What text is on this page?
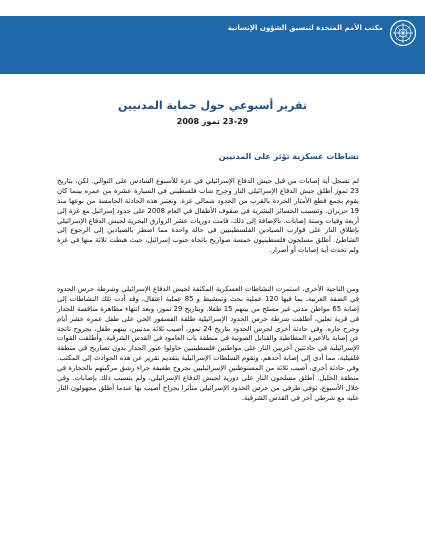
مكتب الأمم المتحدة لتنسيق الشؤون الإنسانية
تقرير أسبوعي حول حماية المدنيين
23-29 تموز 2008
نشاطات عسكرية تؤثر على المدنيين

لم تسجل أية إصابات من قبل جيش الدفاع الإسرائيلي في غزة للأسبوع السادس على التوالي. لكن، بتاريخ 23 تموز أطلق جيش الدفاع الإسرائيلي النار وجرح شاب فلسطيني في السيارة عشرة من عمره يينما كان يقوم بجمع قطع الأمتار الخردة بالقرب من الحدود شمالي غزة. وتعتبر هذه الحادثة الخامسة من نوعها منذ 19 حزيران. وتتسبب الخسائر البشرية في صفوف الأطفال في العام 2008 على حدود إسرائيل مع غزة إلى أربعة وفيات وستة إصابات. بالإضافة إلى ذلك، قامت دوريات عشر الزوارق البحرية لجيش الدفاع الإسرائيلي بإطلاق النار على قوارب الصيادين الفلسطينيين في حالة واحدة مما اضطر بالصيادين إلى الرجوع إلى الشاطئ. أطلق مسلحون فلسطينيون خمسة صواريخ باتجاه جنوب إسرائيل، حيث هبطت ثلاثة منها في غزة ولم تحدث أية إصابات أو أضرار.

ومن الناحية الأخرى، استمرت النشاطات العسكرية المكثفة لجيش الدفاع الإسرائيلي وشرطة حرس الحدود في الضفة الغربية، بما فيها 120 عملية بحث وتمشيط و 85 عملية اعتقال، وقد أدت تلك النشاطات إلى إصابة 65 مواطن مدني غير مسلح من بينهم 15 طفلا. وبتاريخ 29 تموز، وبعد انتهاء مظاهرة منافسة للجدار في قرية نعلين، أطلقت شرطة حرس الحدود الإسرائيلية طلقة الفسفور الحي على طفل عمره عشر أيام وجرح جاره. وفي حادثة أخرى لحرس الحدود بتاريخ 24 تموز، أصيب ثلاثة مدنيين، بينهم طفل، بجروح ناتجة عن إصابة بالأعيرة المطاطية والقنابل الصوتية في منطقة باب العامود في القدس الشرقية. وأطلقت القوات الإسرائيلية في حادثتين أخريين النار على مواطنين فلسطينيين حاولوا عبور الجدار بدون تصاريح في منطقة قلقيلية، مما أدى إلى إصابة أحدهم. وتقوم السلطات الإسرائيلية بتقديم تقرير عن هذه الحوادث إلى المكتب. وفي حادثة أخرى، أصيب ثلاثة من المستوطنين الإسرائيليين بجروح طفيفة جراء رشق مركبتهم بالحجارة في منطقة الخليل. أطلق مسلحون النار على دورية لجيش الدفاع الإسرائيلي، ولم يتسبب ذلك بإصابات. وفي خلال الأسبوع، توفي طرفي من حرس الحدود الإسرائيلي متأثرا بجراح أصيب بها عندما أطلق مجهولون النار عليه مع شرطي آخر في القدس الشرقية.
